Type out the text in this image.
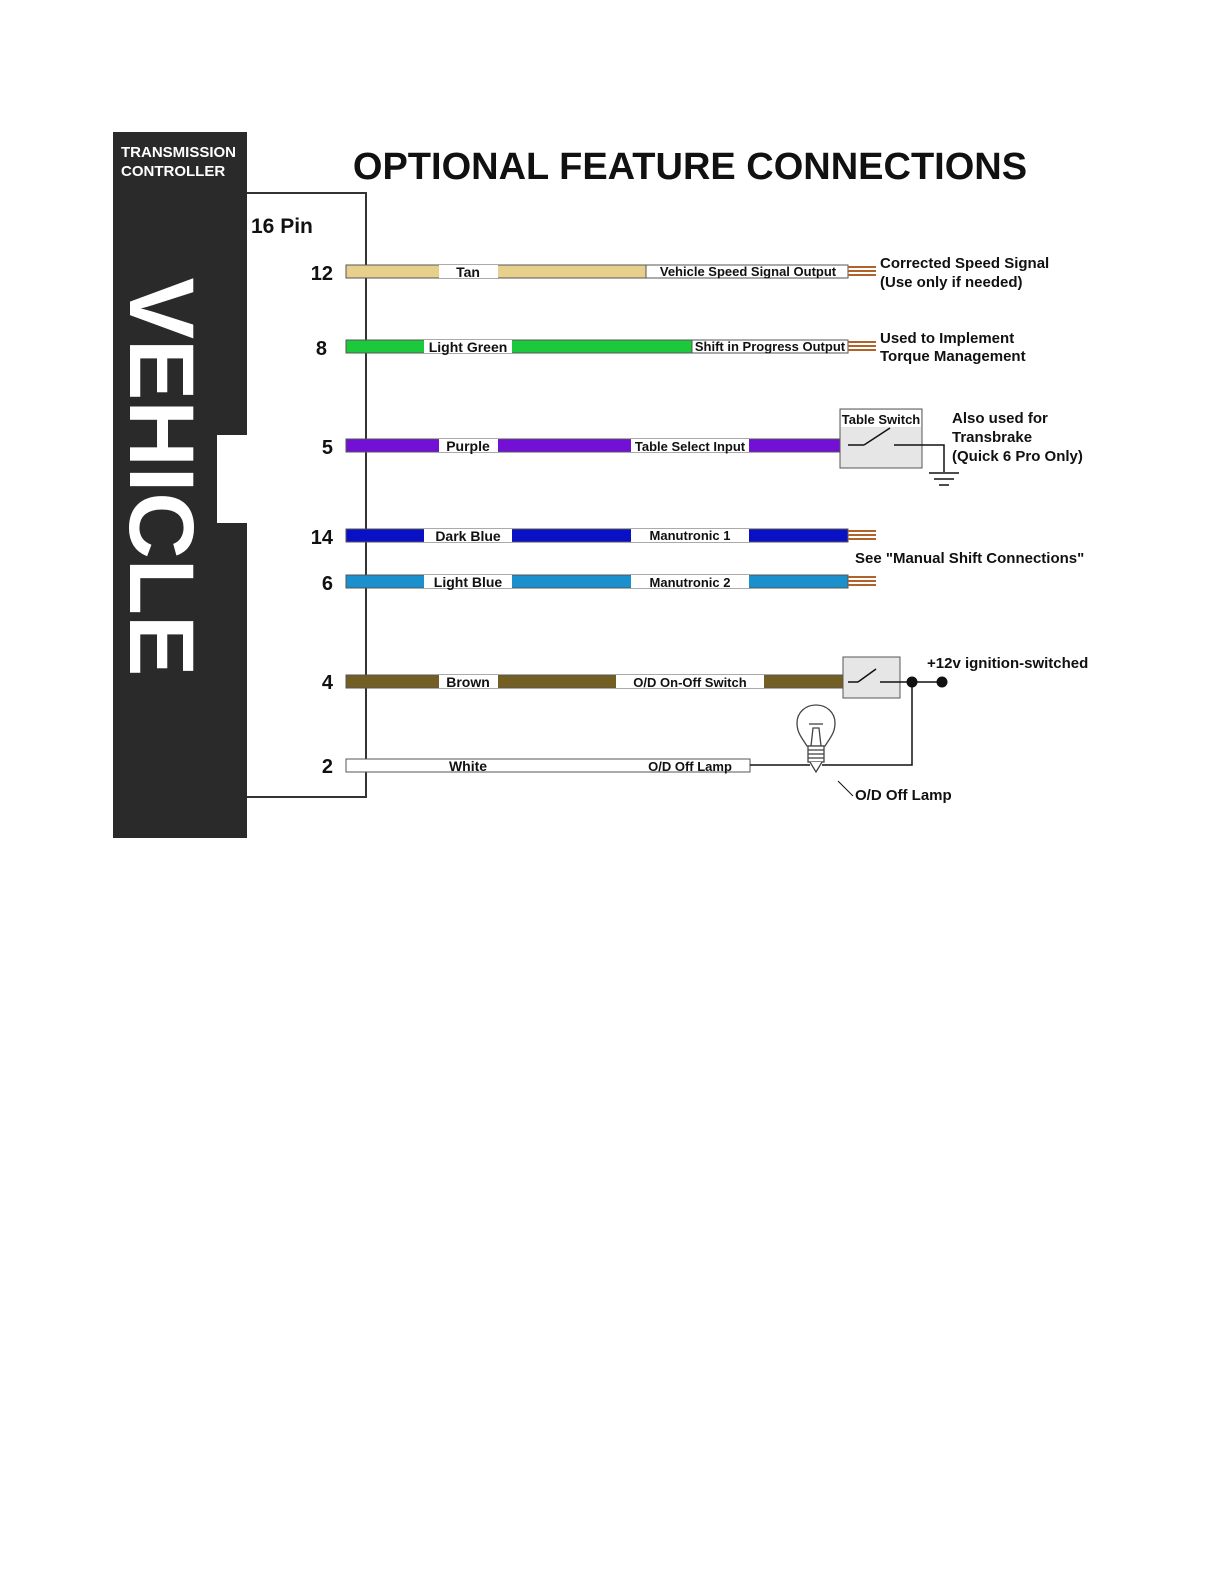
TRANSMISSION
CONTROLLER
VEHICLE
16 Pin
OPTIONAL FEATURE CONNECTIONS
12
8
5
14
6
4
2
Tan	Vehicle Speed Signal Output
Light Green	Shift in Progress Output
Purple	Table Select Input
Table Switch
Dark Blue	Manutronic 1
Light Blue	Manutronic 2
Brown	O/D On-Off Switch
White	O/D Off Lamp
Corrected Speed Signal
(Use only if needed)
Used to Implement
Torque Management
Also used for
Transbrake
(Quick 6 Pro Only)
See "Manual Shift Connections"
+12v ignition-switched
O/D Off Lamp
